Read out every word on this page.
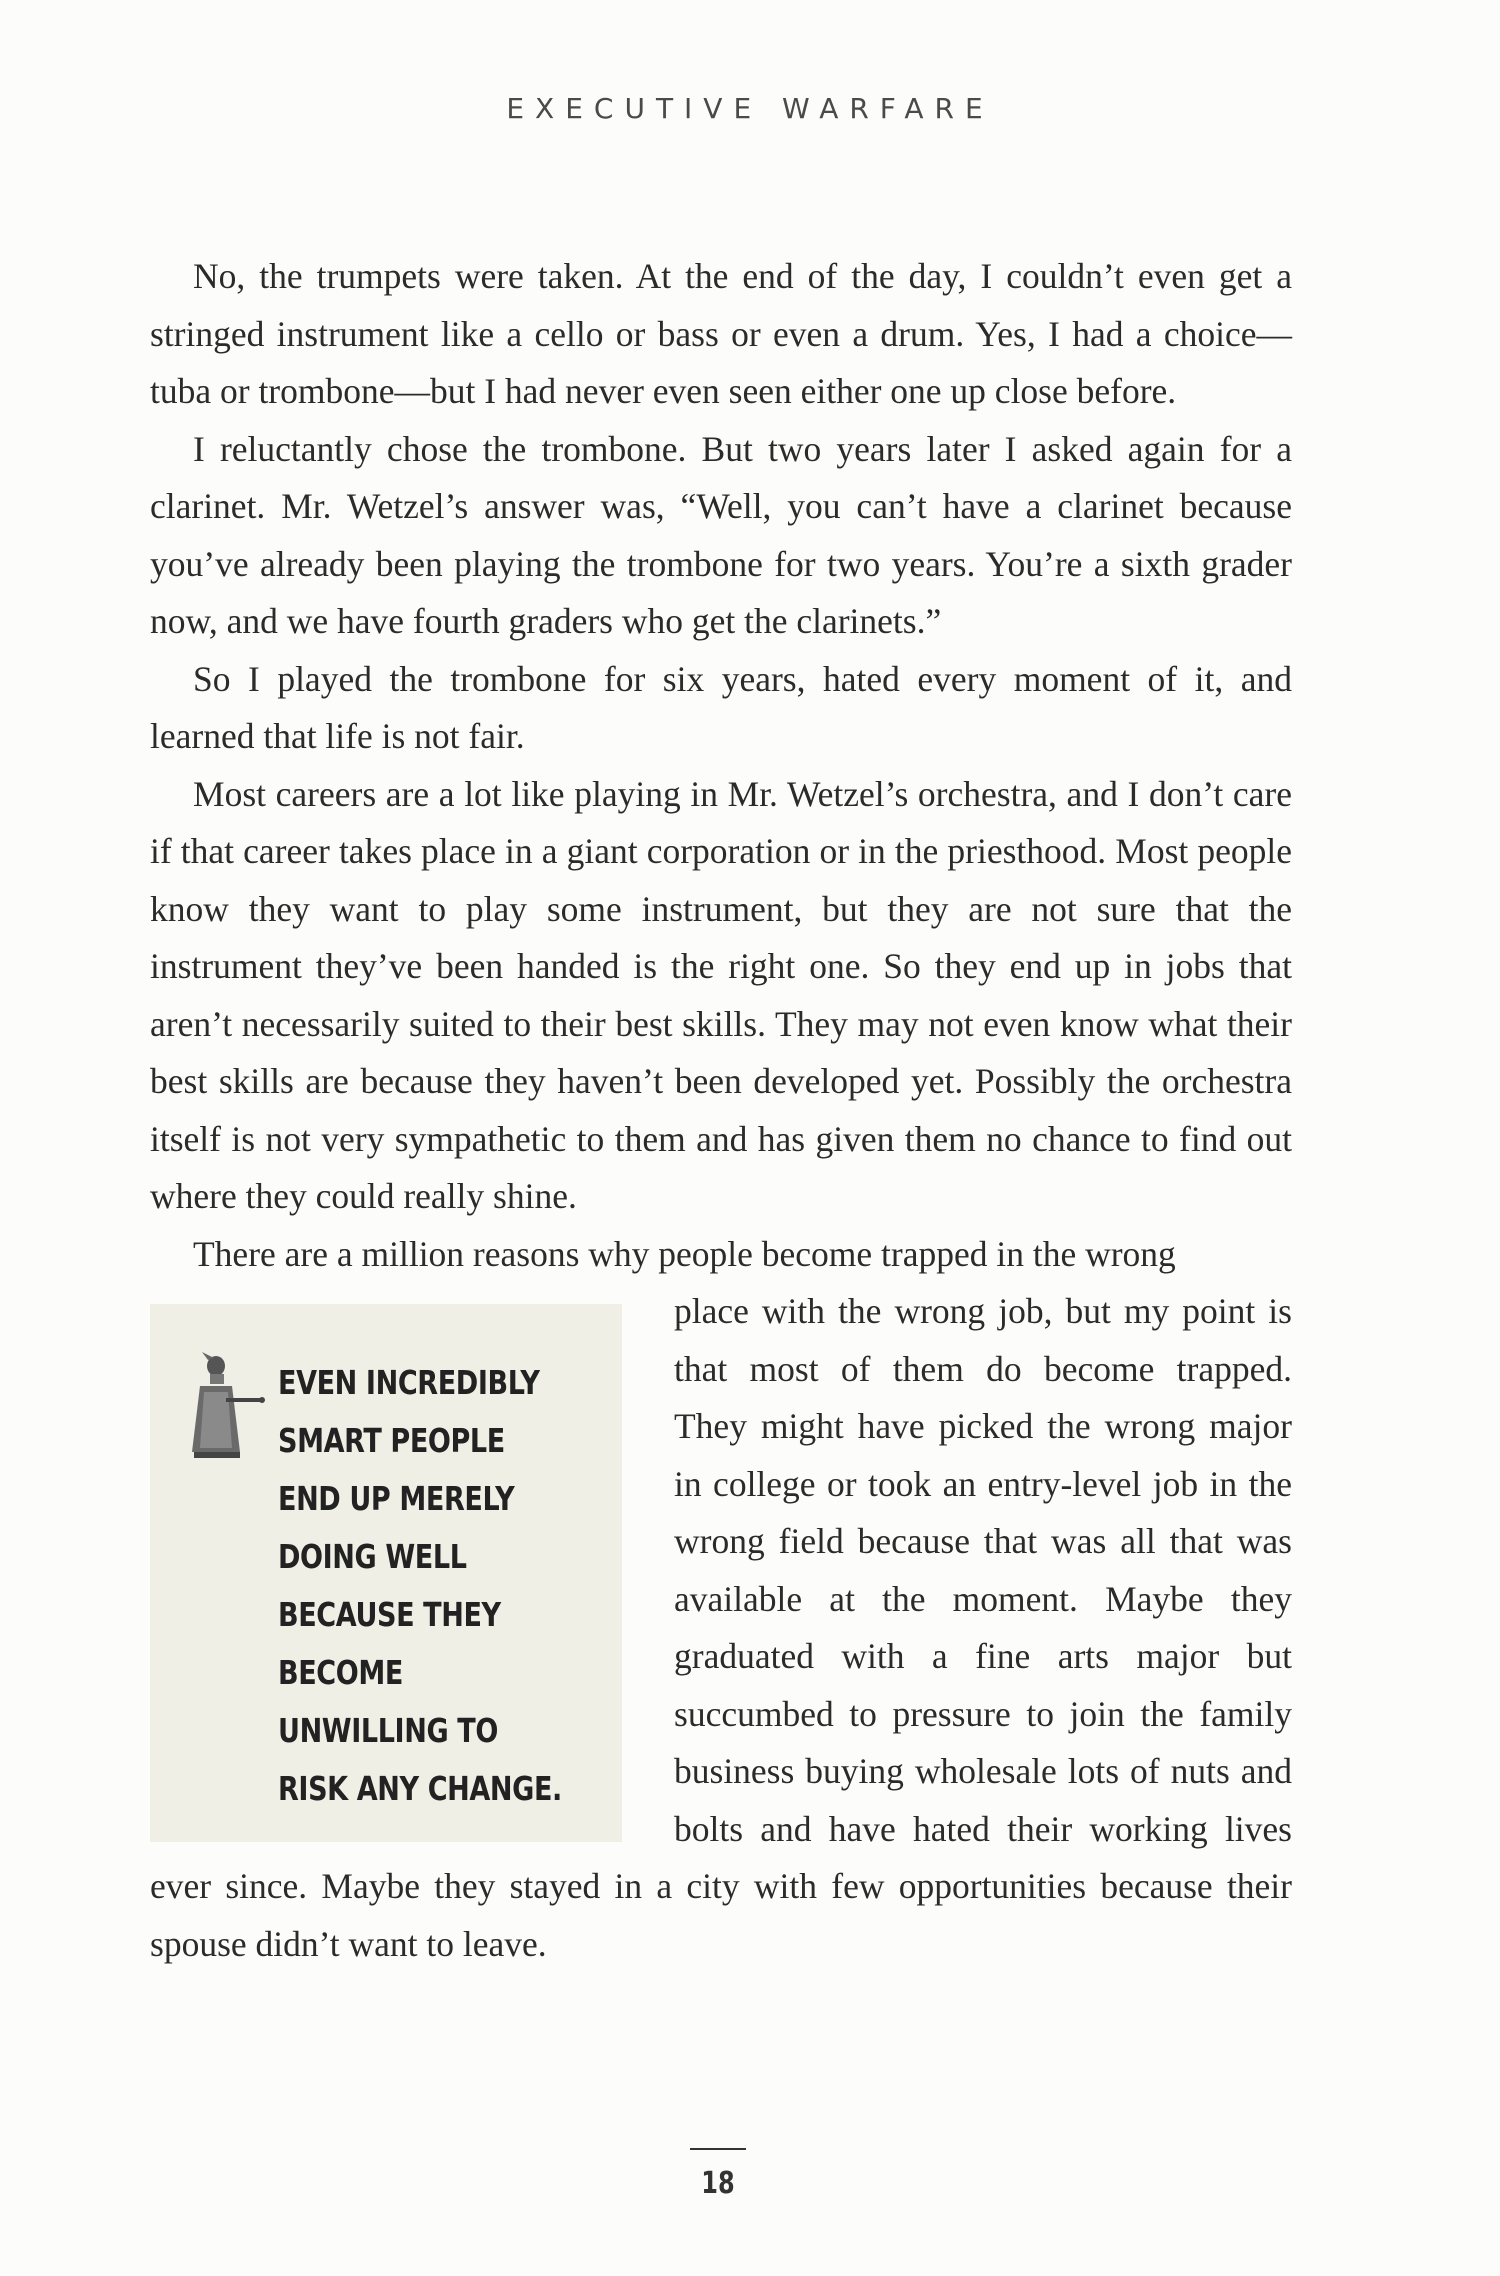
EXECUTIVE WARFARE

No, the trumpets were taken. At the end of the day, I couldn’t even get a stringed instrument like a cello or bass or even a drum. Yes, I had a choice—tuba or trombone—but I had never even seen either one up close before.

I reluctantly chose the trombone. But two years later I asked again for a clarinet. Mr. Wetzel’s answer was, “Well, you can’t have a clarinet because you’ve already been playing the trombone for two years. You’re a sixth grader now, and we have fourth graders who get the clarinets.”

So I played the trombone for six years, hated every moment of it, and learned that life is not fair.

Most careers are a lot like playing in Mr. Wetzel’s orchestra, and I don’t care if that career takes place in a giant corporation or in the priesthood. Most people know they want to play some instrument, but they are not sure that the instrument they’ve been handed is the right one. So they end up in jobs that aren’t necessarily suited to their best skills. They may not even know what their best skills are because they haven’t been developed yet. Possibly the orchestra itself is not very sympathetic to them and has given them no chance to find out where they could really shine.

There are a million reasons why people become trapped in the wrong

EVEN INCREDIBLY
SMART PEOPLE
END UP MERELY
DOING WELL
BECAUSE THEY
BECOME
UNWILLING TO
RISK ANY CHANGE.
place with the wrong job, but my point is that most of them do become trapped. They might have picked the wrong major in college or took an entry-level job in the wrong field because that was all that was available at the moment. Maybe they graduated with a fine arts major but succumbed to pressure to join the family business buying wholesale lots of nuts and bolts and have hated their working lives ever since. Maybe they stayed in a city with few opportunities because their spouse didn’t want to leave.
18
